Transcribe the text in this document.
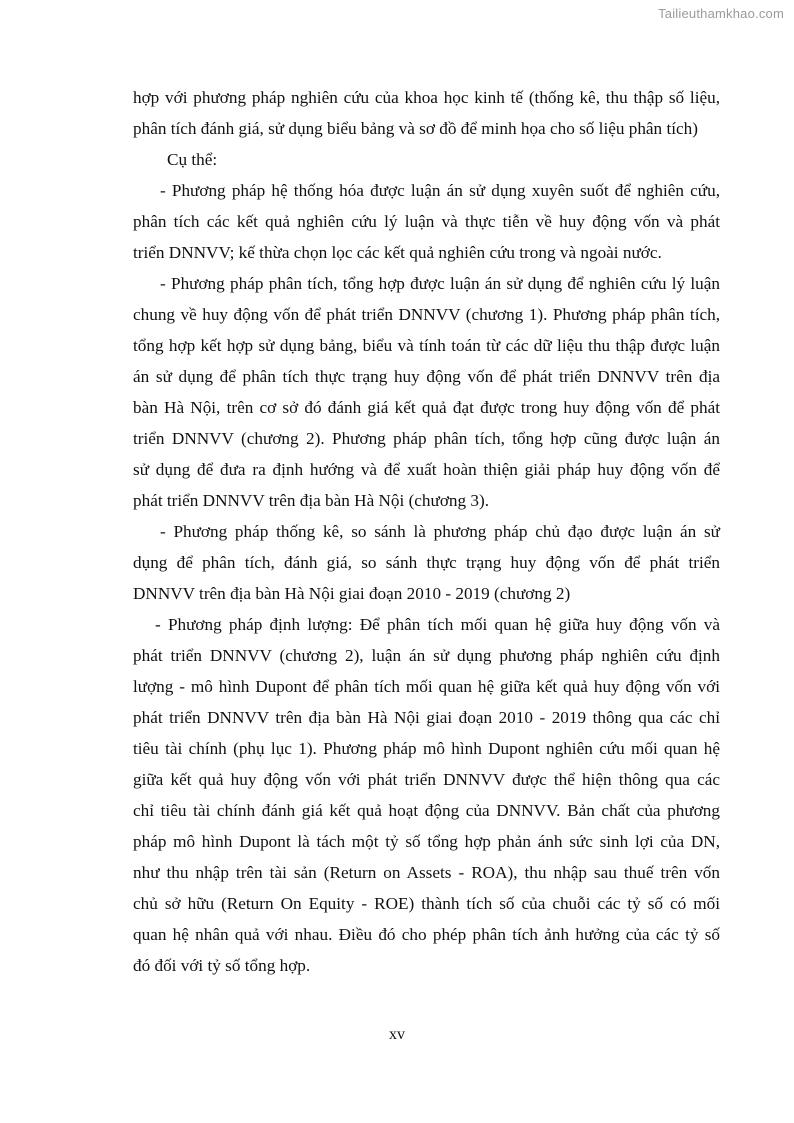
Tailieuthamkhao.com
hợp với phương pháp nghiên cứu của khoa học kinh tế (thống kê, thu thập số liệu,
phân tích đánh giá, sử dụng biểu bảng và sơ đồ để minh họa cho số liệu phân tích)
Cụ thể:
- Phương pháp hệ thống hóa được luận án sử dụng xuyên suốt để nghiên cứu,
phân tích các kết quả nghiên cứu lý luận và thực tiễn về huy động vốn và phát
triển DNNVV; kế thừa chọn lọc các kết quả nghiên cứu trong và ngoài nước.
- Phương pháp phân tích, tổng hợp được luận án sử dụng để nghiên cứu lý luận
chung về huy động vốn để phát triển DNNVV (chương 1). Phương pháp phân tích,
tổng hợp kết hợp sử dụng bảng, biểu và tính toán từ các dữ liệu thu thập được luận
án sử dụng để phân tích thực trạng huy động vốn để phát triển DNNVV trên địa
bàn Hà Nội, trên cơ sở đó đánh giá kết quả đạt được trong huy động vốn để phát
triển DNNVV (chương 2). Phương pháp phân tích, tổng hợp cũng được luận án
sử dụng để đưa ra định hướng và để xuất hoàn thiện giải pháp huy động vốn để
phát triển DNNVV trên địa bàn Hà Nội (chương 3).
- Phương pháp thống kê, so sánh là phương pháp chủ đạo được luận án sử
dụng để phân tích, đánh giá, so sánh thực trạng huy động vốn để phát triển
DNNVV trên địa bàn Hà Nội giai đoạn 2010 - 2019 (chương 2)
- Phương pháp định lượng: Để phân tích mối quan hệ giữa huy động vốn và
phát triển DNNVV (chương 2), luận án sử dụng phương pháp nghiên cứu định
lượng - mô hình Dupont để phân tích mối quan hệ giữa kết quả huy động vốn với
phát triển DNNVV trên địa bàn Hà Nội giai đoạn 2010 - 2019 thông qua các chỉ
tiêu tài chính (phụ lục 1). Phương pháp mô hình Dupont nghiên cứu mối quan hệ
giữa kết quả huy động vốn với phát triển DNNVV được thể hiện thông qua các
chỉ tiêu tài chính đánh giá kết quả hoạt động của DNNVV. Bản chất của phương
pháp mô hình Dupont là tách một tỷ số tổng hợp phản ánh sức sinh lợi của DN,
như thu nhập trên tài sản (Return on Assets - ROA), thu nhập sau thuế trên vốn
chủ sở hữu (Return On Equity - ROE) thành tích số của chuỗi các tỷ số có mối
quan hệ nhân quả với nhau. Điều đó cho phép phân tích ảnh hưởng của các tỷ số
đó đối với tỷ số tổng hợp.
xv
